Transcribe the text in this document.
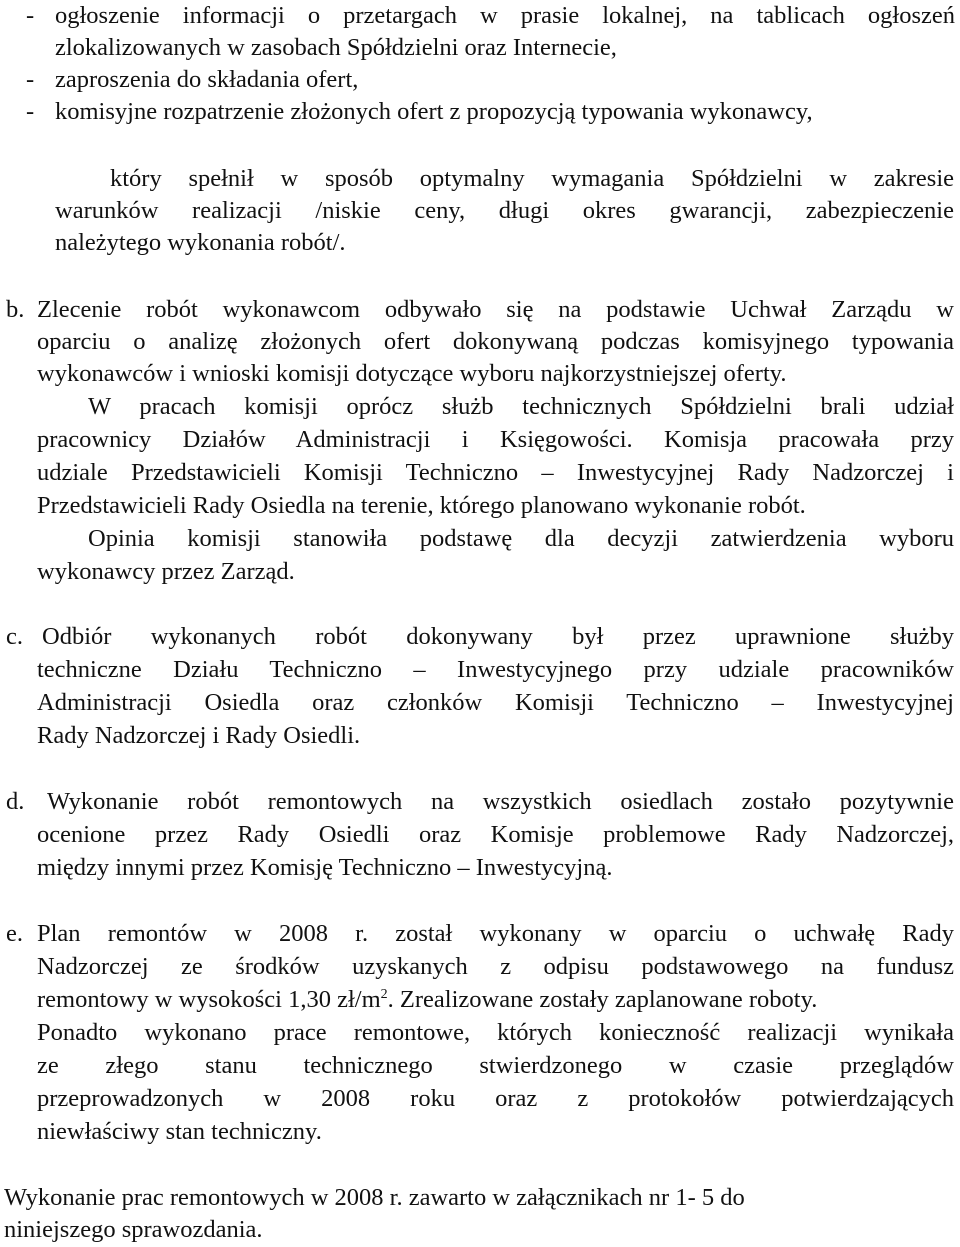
- ogłoszenie informacji o przetargach w prasie lokalnej, na tablicach ogłoszeń
zlokalizowanych w zasobach Spółdzielni oraz Internecie,
- zaproszenia do składania ofert,
- komisyjne rozpatrzenie złożonych ofert z propozycją typowania wykonawcy,
który spełnił w sposób optymalny wymagania Spółdzielni w zakresie
warunków realizacji /niskie ceny, długi okres gwarancji, zabezpieczenie
należytego wykonania robót/.
b. Zlecenie robót wykonawcom odbywało się na podstawie Uchwał Zarządu w
oparciu o analizę złożonych ofert dokonywaną podczas komisyjnego typowania
wykonawców i wnioski komisji dotyczące wyboru najkorzystniejszej oferty.
W pracach komisji oprócz służb technicznych Spółdzielni brali udział
pracownicy Działów Administracji i Księgowości. Komisja pracowała przy
udziale Przedstawicieli Komisji Techniczno – Inwestycyjnej Rady Nadzorczej i
Przedstawicieli Rady Osiedla na terenie, którego planowano wykonanie robót.
Opinia komisji stanowiła podstawę dla decyzji zatwierdzenia wyboru
wykonawcy przez Zarząd.
c. Odbiór wykonanych robót dokonywany był przez uprawnione służby
techniczne Działu Techniczno – Inwestycyjnego przy udziale pracowników
Administracji Osiedla oraz członków Komisji Techniczno – Inwestycyjnej
Rady Nadzorczej i Rady Osiedli.
d. Wykonanie robót remontowych na wszystkich osiedlach zostało pozytywnie
ocenione przez Rady Osiedli oraz Komisje problemowe Rady Nadzorczej,
między innymi przez Komisję Techniczno – Inwestycyjną.
e. Plan remontów w 2008 r. został wykonany w oparciu o uchwałę Rady
Nadzorczej ze środków uzyskanych z odpisu podstawowego na fundusz
remontowy w wysokości 1,30 $zł/m^2$. Zrealizowane zostały zaplanowane roboty.
Ponadto wykonano prace remontowe, których konieczność realizacji wynikała
ze złego stanu technicznego stwierdzonego w czasie przeglądów
przeprowadzonych w 2008 roku oraz z protokołów potwierdzających
niewłaściwy stan techniczny.
Wykonanie prac remontowych w 2008 r. zawarto w załącznikach nr 1- 5 do
niniejszego sprawozdania.
